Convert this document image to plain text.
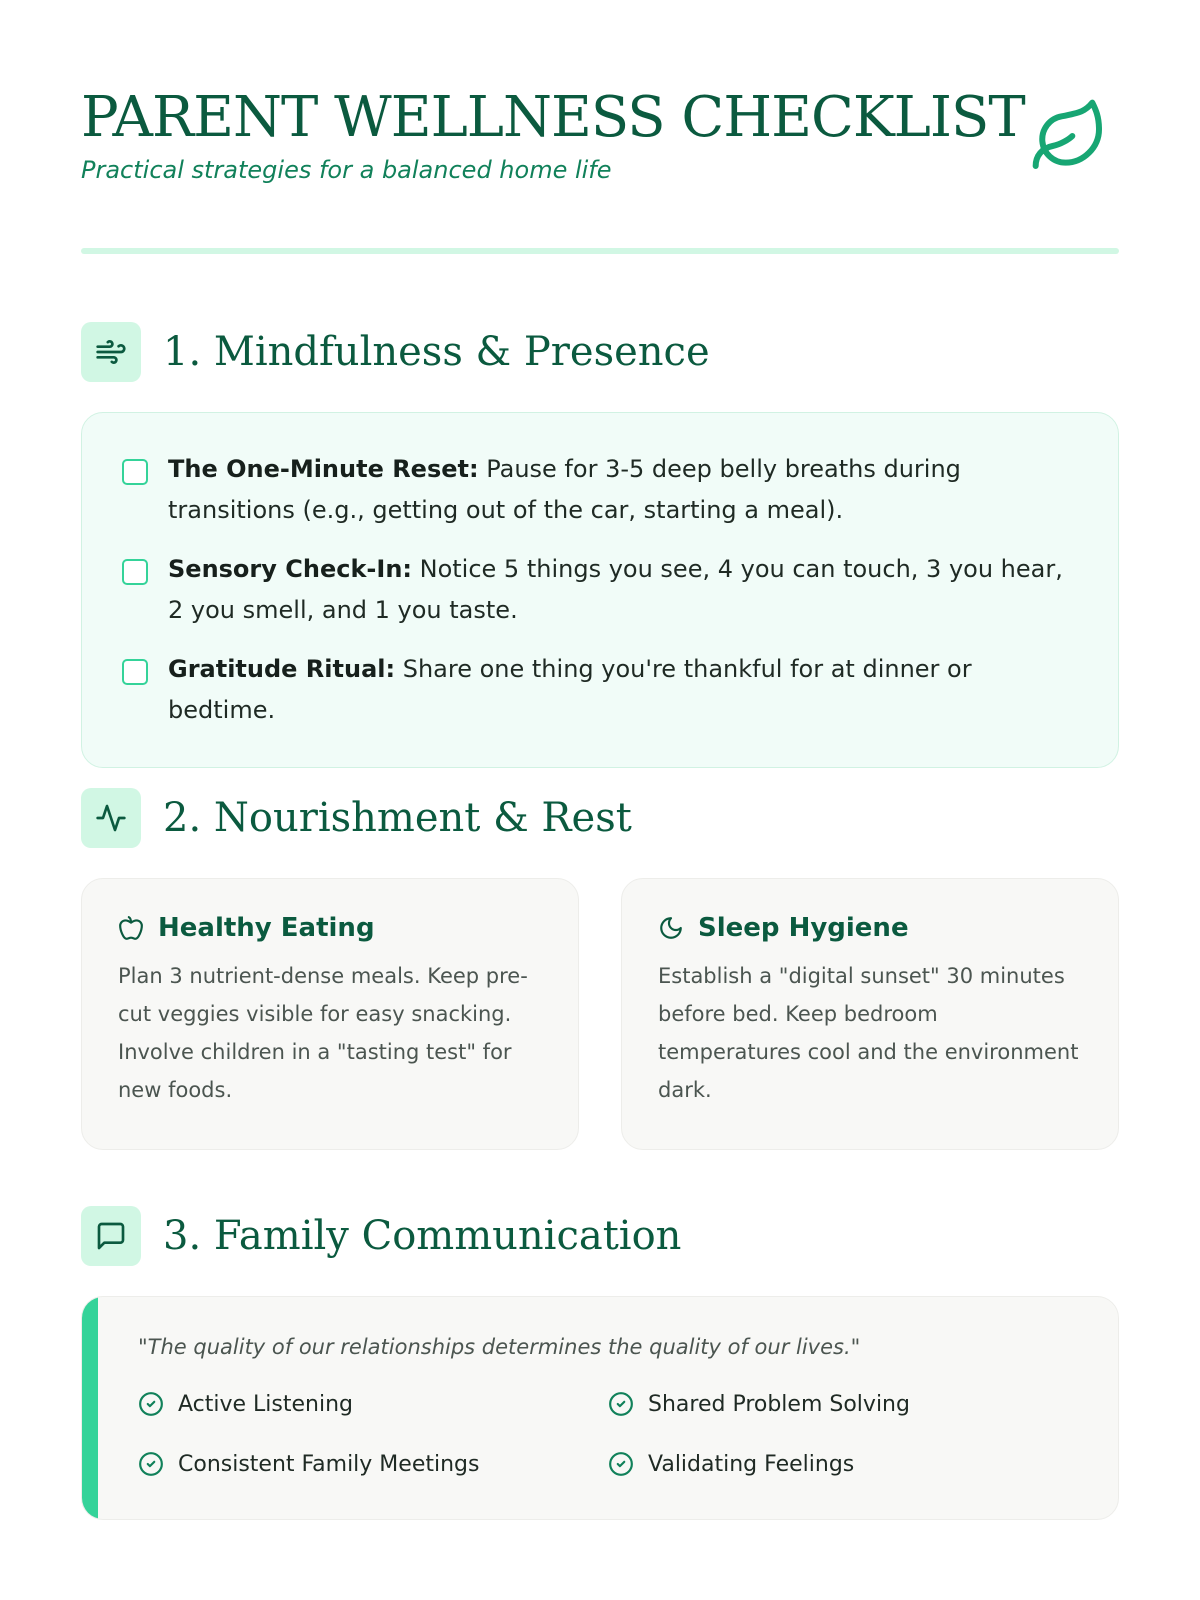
PARENT WELLNESS CHECKLIST
Practical strategies for a balanced home life
1. Mindfulness & Presence
The One-Minute Reset: Pause for 3-5 deep belly breaths during transitions (e.g., getting out of the car, starting a meal).
Sensory Check-In: Notice 5 things you see, 4 you can touch, 3 you hear, 2 you smell, and 1 you taste.
Gratitude Ritual: Share one thing you're thankful for at dinner or bedtime.
2. Nourishment & Rest
Healthy Eating

Plan 3 nutrient-dense meals. Keep pre-cut veggies visible for easy snacking. Involve children in a "tasting test" for new foods.

Sleep Hygiene

Establish a "digital sunset" 30 minutes before bed. Keep bedroom temperatures cool and the environment dark.

3. Family Communication

"The quality of our relationships determines the quality of our lives."

Active Listening	Shared Problem Solving
Consistent Family Meetings	Validating Feelings
